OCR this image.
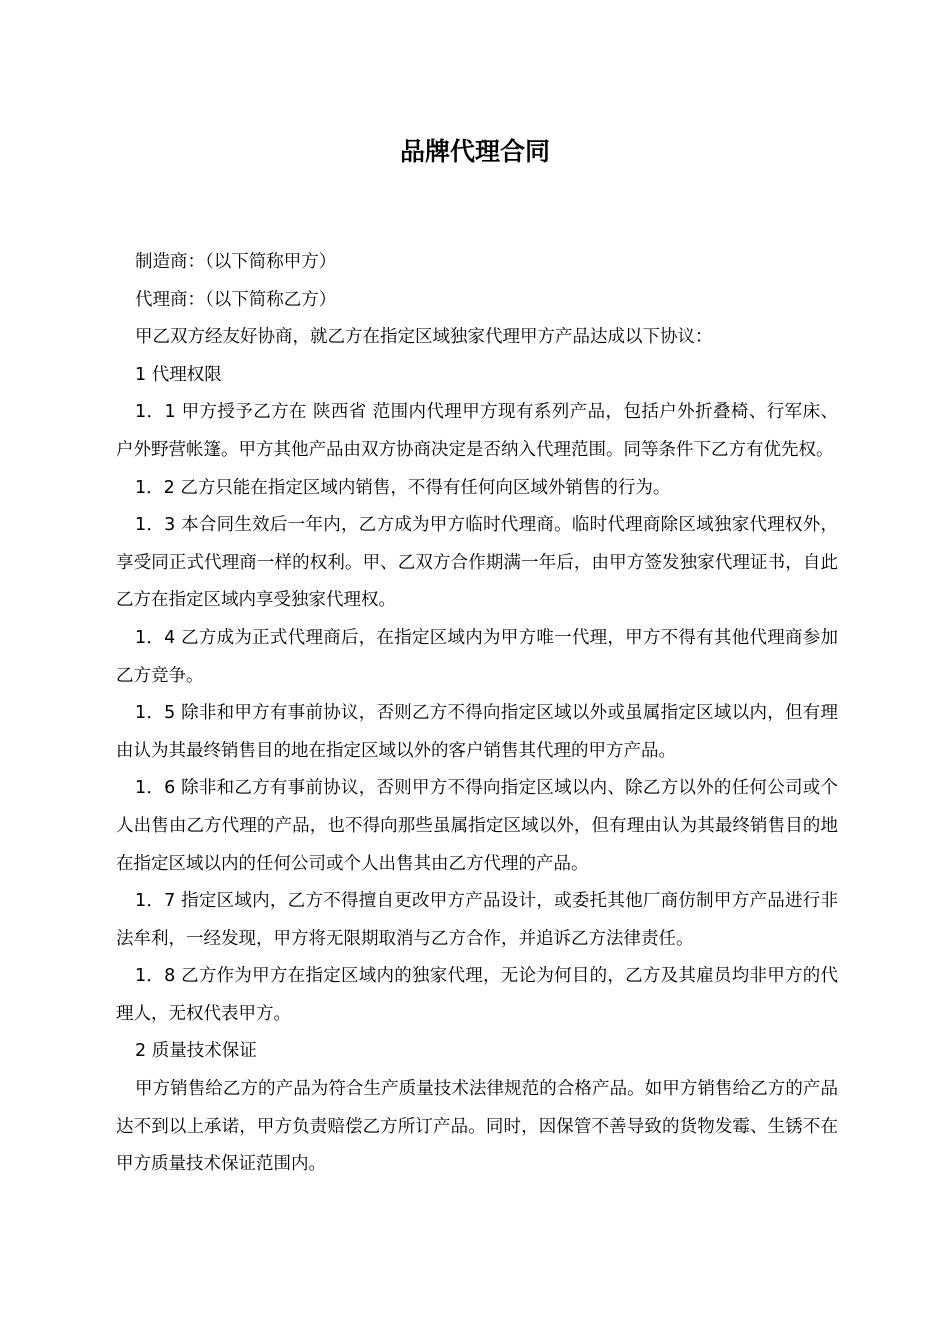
品牌代理合同

制造商：（以下简称甲方）

代理商：（以下简称乙方）

甲乙双方经友好协商，就乙方在指定区域独家代理甲方产品达成以下协议：

1 代理权限

1．1 甲方授予乙方在 陕西省 范围内代理甲方现有系列产品，包括户外折叠椅、行军床、户外野营帐篷。甲方其他产品由双方协商决定是否纳入代理范围。同等条件下乙方有优先权。

1．2 乙方只能在指定区域内销售，不得有任何向区域外销售的行为。

1．3 本合同生效后一年内，乙方成为甲方临时代理商。临时代理商除区域独家代理权外，享受同正式代理商一样的权利。甲、乙双方合作期满一年后，由甲方签发独家代理证书，自此乙方在指定区域内享受独家代理权。

1．4 乙方成为正式代理商后，在指定区域内为甲方唯一代理，甲方不得有其他代理商参加乙方竞争。

1．5 除非和甲方有事前协议，否则乙方不得向指定区域以外或虽属指定区域以内，但有理由认为其最终销售目的地在指定区域以外的客户销售其代理的甲方产品。

1．6 除非和乙方有事前协议，否则甲方不得向指定区域以内、除乙方以外的任何公司或个人出售由乙方代理的产品，也不得向那些虽属指定区域以外，但有理由认为其最终销售目的地在指定区域以内的任何公司或个人出售其由乙方代理的产品。

1．7 指定区域内，乙方不得擅自更改甲方产品设计，或委托其他厂商仿制甲方产品进行非法牟利，一经发现，甲方将无限期取消与乙方合作，并追诉乙方法律责任。

1．8 乙方作为甲方在指定区域内的独家代理，无论为何目的，乙方及其雇员均非甲方的代理人，无权代表甲方。

2 质量技术保证

甲方销售给乙方的产品为符合生产质量技术法律规范的合格产品。如甲方销售给乙方的产品达不到以上承诺，甲方负责赔偿乙方所订产品。同时，因保管不善导致的货物发霉、生锈不在甲方质量技术保证范围内。
